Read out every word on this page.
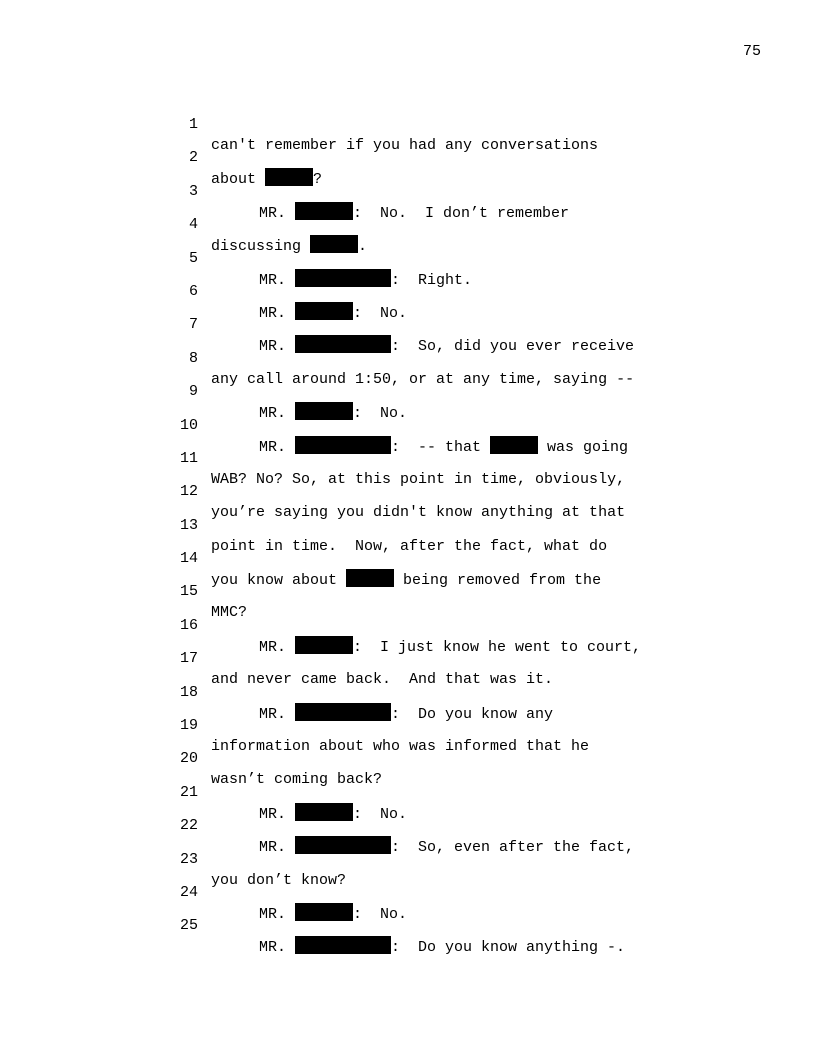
75

1

can't remember if you had any conversations

2

about	?

3

MR.	:  No.  I don’t remember

4

discussing	.

5

MR.	:  Right.

6

MR.	:  No.

7

MR.	:  So, did you ever receive

8

any call around 1:50, or at any time, saying --

9

MR.	:  No.

10

MR.	:  -- that	was going

11

WAB? No? So, at this point in time, obviously,

12

you’re saying you didn't know anything at that

13

point in time.  Now, after the fact, what do

14

you know about	being removed from the

15

MMC?

16

MR.	:  I just know he went to court,

17

and never came back.  And that was it.

18

MR.	:  Do you know any

19

information about who was informed that he

20

wasn’t coming back?

21

MR.	:  No.

22

MR.	:  So, even after the fact,

23

you don’t know?

24

MR.	:  No.

25

MR.	:  Do you know anything -.
